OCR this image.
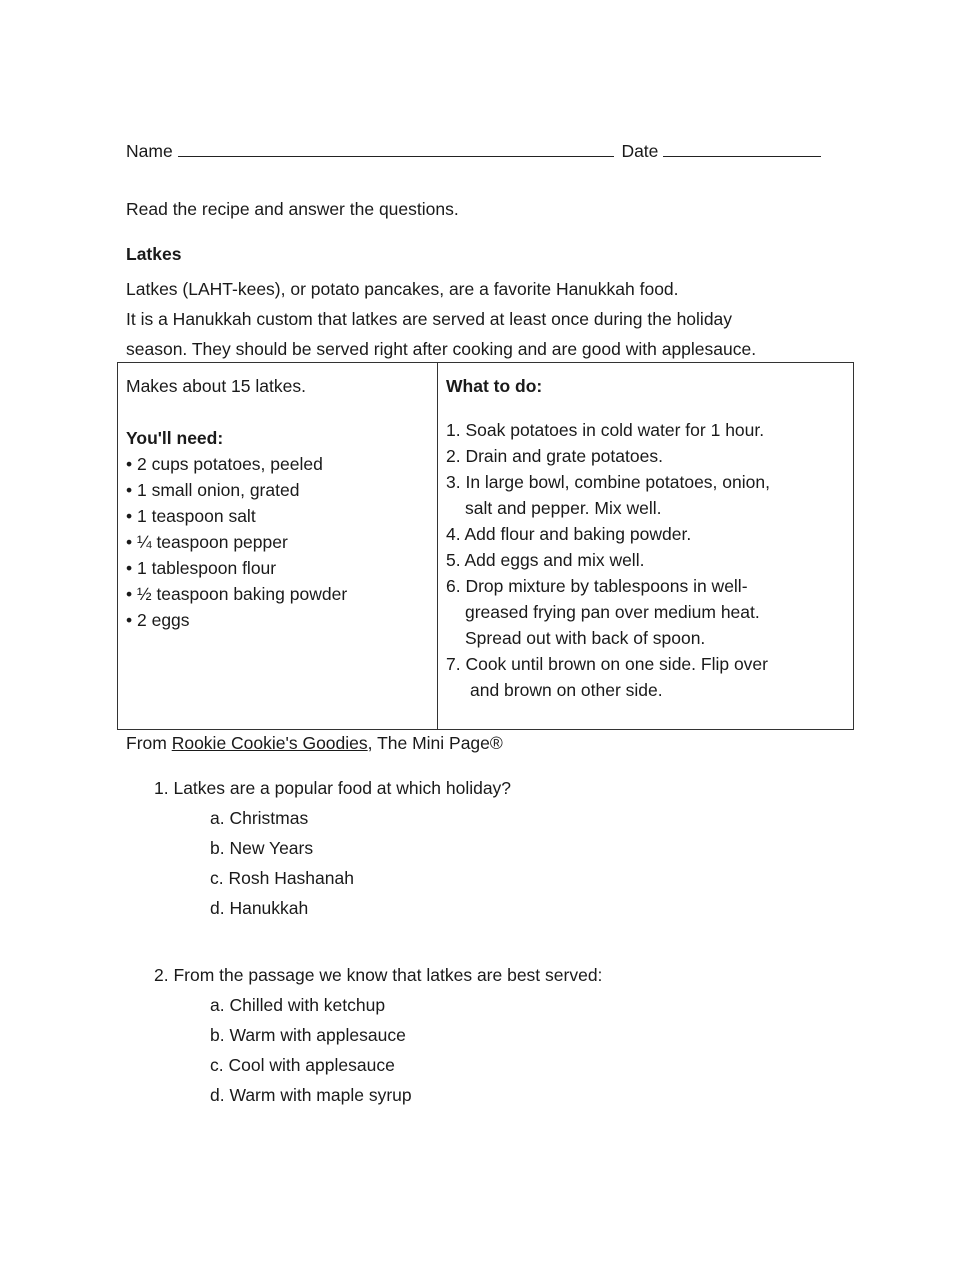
Name	Date
Read the recipe and answer the questions.
Latkes
Latkes (LAHT-kees), or potato pancakes, are a favorite Hanukkah food.
It is a Hanukkah custom that latkes are served at least once during the holiday
season. They should be served right after cooking and are good with applesauce.
Makes about 15 latkes.
You'll need:
• 2 cups potatoes, peeled
• 1 small onion, grated
• 1 teaspoon salt
• ¼ teaspoon pepper
• 1 tablespoon flour
• ½ teaspoon baking powder
• 2 eggs
What to do:
1. Soak potatoes in cold water for 1 hour.
2. Drain and grate potatoes.
3. In large bowl, combine potatoes, onion,
salt and pepper. Mix well.
4. Add flour and baking powder.
5. Add eggs and mix well.
6. Drop mixture by tablespoons in well-
greased frying pan over medium heat.
Spread out with back of spoon.
7. Cook until brown on one side. Flip over
and brown on other side.
From Rookie Cookie's Goodies, The Mini Page®
1. Latkes are a popular food at which holiday?
a. Christmas
b. New Years
c. Rosh Hashanah
d. Hanukkah
2. From the passage we know that latkes are best served:
a. Chilled with ketchup
b. Warm with applesauce
c. Cool with applesauce
d. Warm with maple syrup
